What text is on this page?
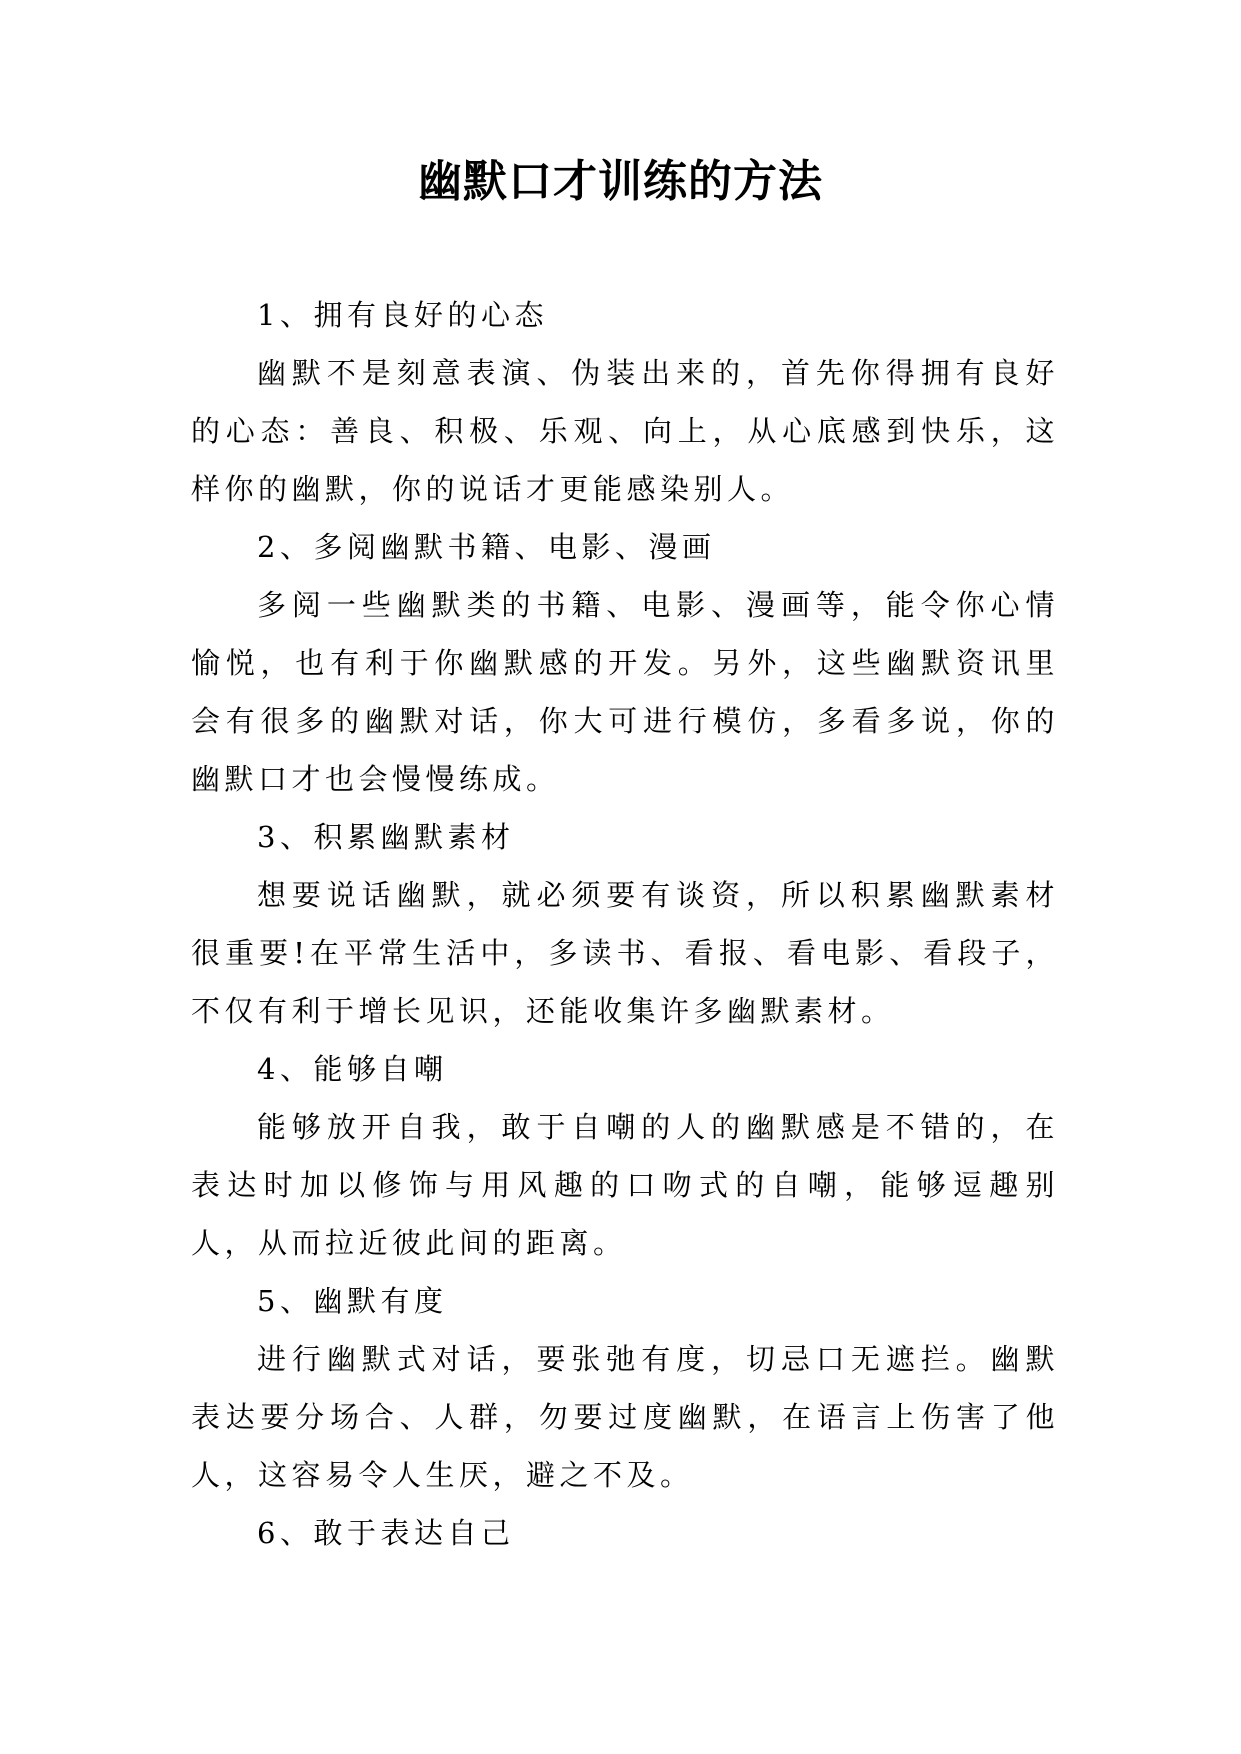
幽默口才训练的方法

1、拥有良好的心态

幽默不是刻意表演、伪装出来的，首先你得拥有良好的心态：善良、积极、乐观、向上，从心底感到快乐，这样你的幽默，你的说话才更能感染别人。

2、多阅幽默书籍、电影、漫画

多阅一些幽默类的书籍、电影、漫画等，能令你心情愉悦，也有利于你幽默感的开发。另外，这些幽默资讯里会有很多的幽默对话，你大可进行模仿，多看多说，你的幽默口才也会慢慢练成。

3、积累幽默素材

想要说话幽默，就必须要有谈资，所以积累幽默素材很重要!在平常生活中，多读书、看报、看电影、看段子，不仅有利于增长见识，还能收集许多幽默素材。

4、能够自嘲

能够放开自我，敢于自嘲的人的幽默感是不错的，在表达时加以修饰与用风趣的口吻式的自嘲，能够逗趣别人，从而拉近彼此间的距离。

5、幽默有度

进行幽默式对话，要张弛有度，切忌口无遮拦。幽默表达要分场合、人群，勿要过度幽默，在语言上伤害了他人，这容易令人生厌，避之不及。

6、敢于表达自己
